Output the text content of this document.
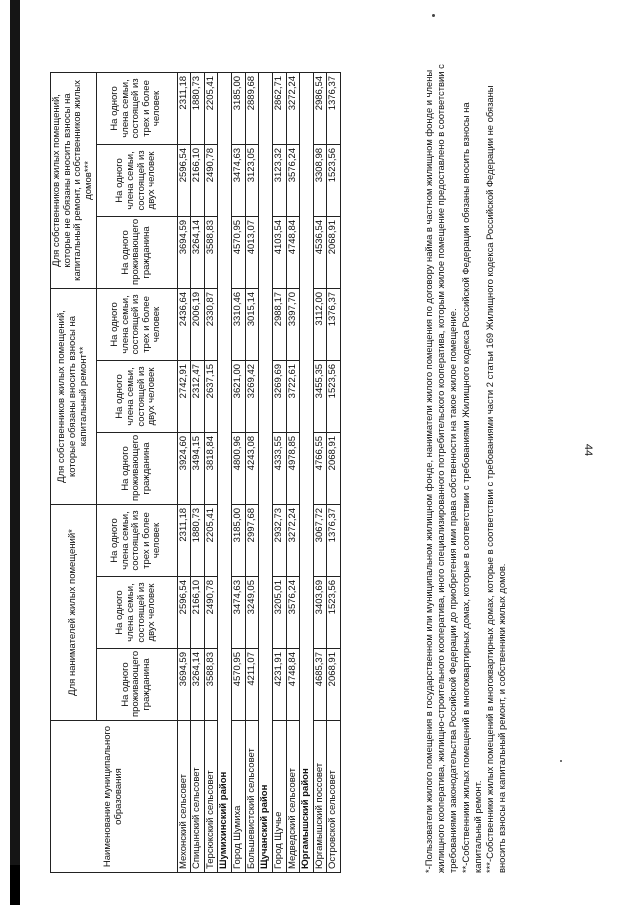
44
Наименование муниципального образования	Для нанимателей жилых помещений*			Для собственников жилых помещений, которые обязаны вносить взносы на капитальный ремонт**			Для собственников жилых помещений, которые не обязаны вносить взносы на капитальный ремонт, и собственников жилых домов***		
	На одного проживающего гражданина	На одного члена семьи, состоящей из двух человек	На одного члена семьи, состоящей из трех и более человек	На одного проживающего гражданина	На одного члена семьи, состоящей из двух человек	На одного члена семьи, состоящей из трех и более человек	На одного проживающего гражданина	На одного члена семьи, состоящей из двух человек	На одного члена семьи, состоящей из трех и более человек
Мехонский сельсовет	3694,59	2596,54	2311,18	3924,60	2742,91	2436,64	3694,59	2596,54	2311,18
Спицынский сельсовет	3264,14	2166,10	1880,73	3494,15	2312,47	2006,19	3264,14	2166,10	1880,73
Терсюкский сельсовет	3588,83	2490,78	2205,41	3818,84	2637,15	2330,87	3588,83	2490,78	2205,41
Шумихинский район									
Город Шумиха	4570,95	3474,63	3185,00	4800,96	3621,00	3310,46	4570,95	3474,63	3185,00
Большевистский сельсовет	4211,07	3249,05	2997,68	4243,08	3269,42	3015,14	4013,07	3123,05	2889,68
Щучанский район									
Город Щучье	4231,91	3205,01	2932,73	4333,55	3269,69	2988,17	4103,54	3123,32	2862,71
Медведский сельсовет	4748,84	3576,24	3272,24	4978,85	3722,61	3397,70	4748,84	3576,24	3272,24
Юргамышский район									
Юргамышский поссовет	4685,37	3403,69	3067,72	4766,55	3455,35	3112,00	4536,54	3308,98	2986,54
Островской сельсовет	2068,91	1523,56	1376,37	2068,91	1523,56	1376,37	2068,91	1523,56	1376,37	*-Пользователи жилого помещения в государственном или муниципальном жилищном фонде, наниматели жилого помещения по договору найма в частном жилищном фонде и члены жилищного кооператива, жилищно-строительного кооператива, иного специализированного потребительского кооператива, которым жилое помещение предоставлено в соответствии с требованиями законодательства Российской Федерации до приобретения ими права собственности на такое жилое помещение. **-Собственники жилых помещений в многоквартирных домах, которые в соответствии с требованиями Жилищного кодекса Российской Федерации обязаны вносить взносы на капитальный ремонт. ***-Собственники жилых помещений в многоквартирных домах, которые в соответствии с требованиями части 2 статьи 169 Жилищного кодекса Российской Федерации не обязаны вносить взносы на капитальный ремонт, и собственники жилых домов.
